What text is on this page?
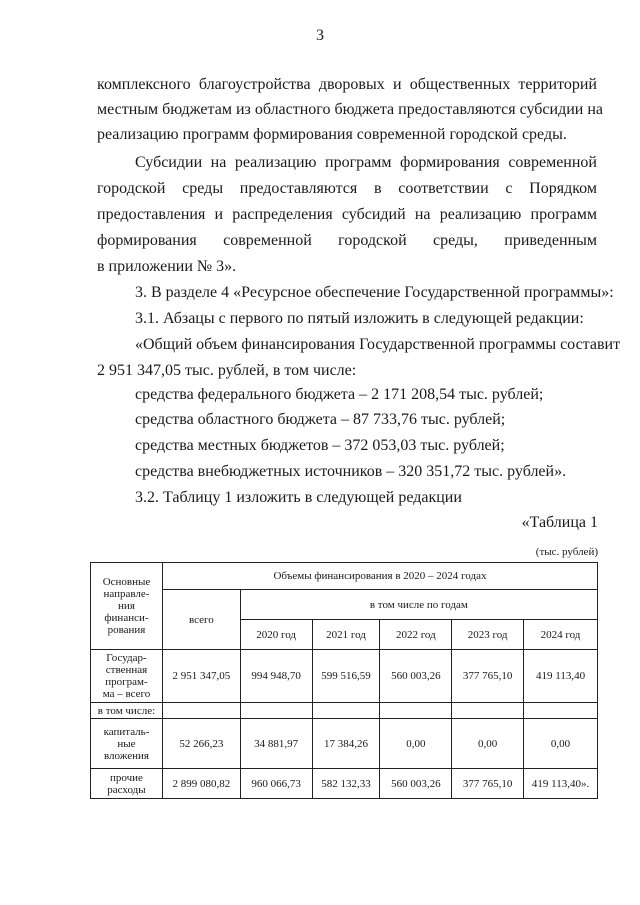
3
комплексного благоустройства дворовых и общественных территорий
местным бюджетам из областного бюджета предоставляются субсидии на
реализацию программ формирования современной городской среды.
Субсидии на реализацию программ формирования современной
городской среды предоставляются в соответствии с Порядком
предоставления и распределения субсидий на реализацию программ
формирования современной городской среды, приведенным
в приложении № 3».
3. В разделе 4 «Ресурсное обеспечение Государственной программы»:
3.1. Абзацы с первого по пятый изложить в следующей редакции:
«Общий объем финансирования Государственной программы составит
2 951 347,05 тыс. рублей, в том числе:
средства федерального бюджета – 2 171 208,54 тыс. рублей;
средства областного бюджета – 87 733,76 тыс. рублей;
средства местных бюджетов – 372 053,03 тыс. рублей;
средства внебюджетных источников – 320 351,72 тыс. рублей».
3.2. Таблицу 1 изложить в следующей редакции
«Таблица 1
(тыс. рублей)
Основные
направле-
ния
финанси-
рования	Объемы финансирования в 2020 – 2024 годах					
	всего	в том числе по годам				
		2020 год	2021 год	2022 год	2023 год	2024 год
Государ-
ственная
програм-
ма – всего	2 951 347,05	994 948,70	599 516,59	560 003,26	377 765,10	419 113,40
в том числе:						
капиталь-
ные
вложения	52 266,23	34 881,97	17 384,26	0,00	0,00	0,00
прочие
расходы	2 899 080,82	960 066,73	582 132,33	560 003,26	377 765,10	419 113,40».
